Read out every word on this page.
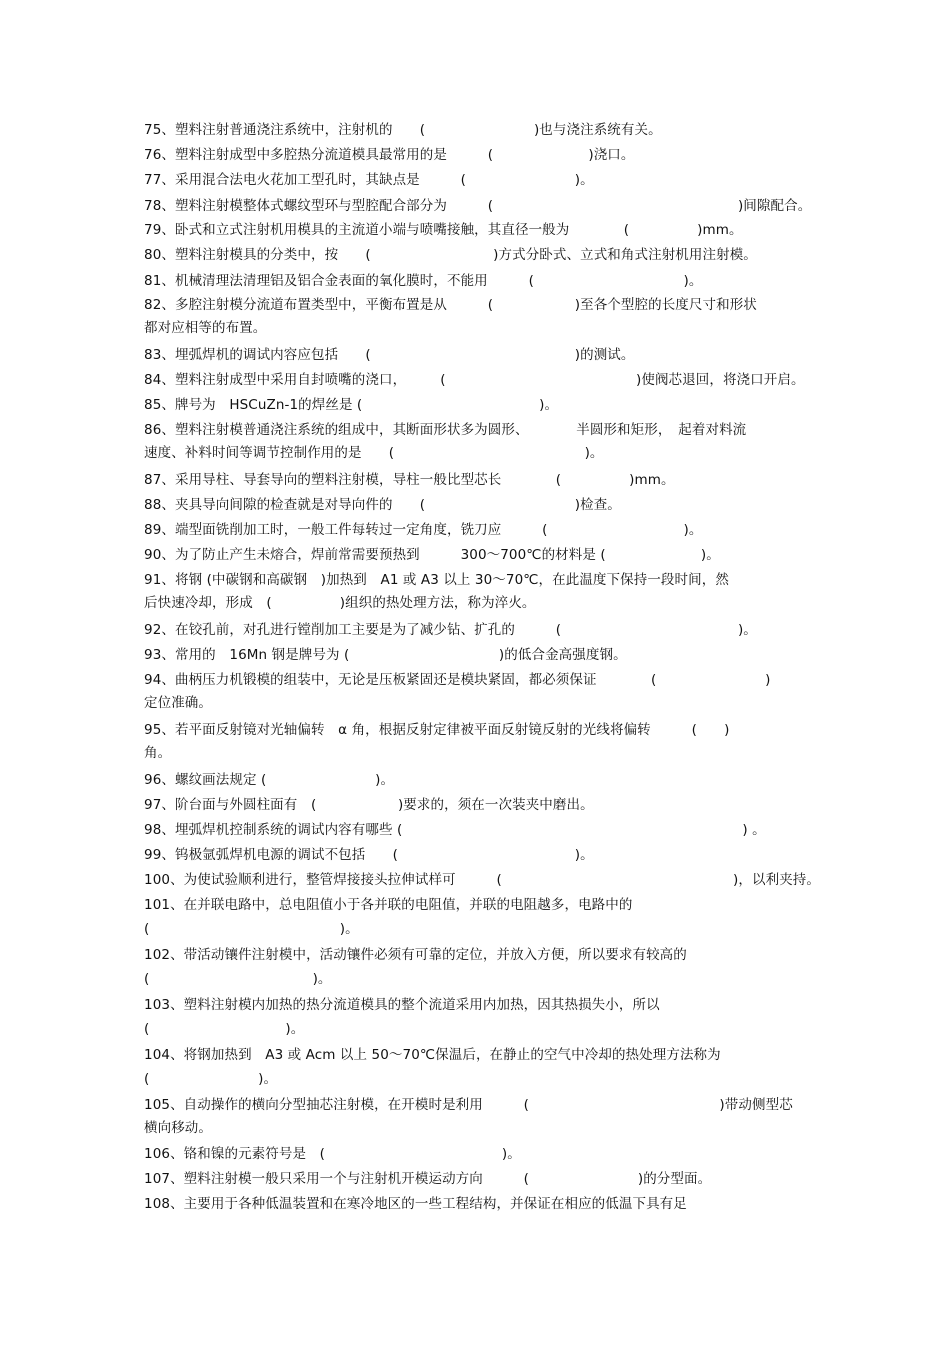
75、塑料注射普通浇注系统中，注射机的　　(　　　　　　　　)也与浇注系统有关。
76、塑料注射成型中多腔热分流道模具最常用的是　　　(　　　　　　　)浇口。
77、采用混合法电火花加工型孔时，其缺点是　　　(　　　　　　　　)。
78、塑料注射模整体式螺纹型环与型腔配合部分为　　　(　　　　　　　　　　　　　　　　　　)间隙配合。
79、卧式和立式注射机用模具的主流道小端与喷嘴接触，其直径一般为　　　　(　　　　　)mm。
80、塑料注射模具的分类中，按　　(　　　　　　　　　)方式分卧式、立式和角式注射机用注射模。
81、机械清理法清理铝及铝合金表面的氧化膜时，不能用　　　(　　　　　　　　　　　)。
82、多腔注射模分流道布置类型中，平衡布置是从　　　(　　　　　　)至各个型腔的长度尺寸和形状
都对应相等的布置。
83、埋弧焊机的调试内容应包括　　(　　　　　　　　　　　　　　　)的测试。
84、塑料注射成型中采用自封喷嘴的浇口，　　　(　　　　　　　　　　　　　　)使阀芯退回，将浇口开启。
85、牌号为　HSCuZn-1的焊丝是 (　　　　　　　　　　　　　)。
86、塑料注射模普通浇注系统的组成中，其断面形状多为圆形、　　　　半圆形和矩形，　起着对料流
速度、补料时间等调节控制作用的是　　(　　　　　　　　　　　　　　)。
87、采用导柱、导套导向的塑料注射模，导柱一般比型芯长　　　　(　　　　　)mm。
88、夹具导向间隙的检查就是对导向件的　　(　　　　　　　　　　　)检查。
89、端型面铣削加工时，一般工件每转过一定角度，铣刀应　　　(　　　　　　　　　　)。
90、为了防止产生未熔合，焊前常需要预热到　　　300～700℃的材料是 (　　　　　　　)。
91、将钢 (中碳钢和高碳钢　)加热到　A1 或 A3 以上 30～70℃，在此温度下保持一段时间，然
后快速冷却，形成　(　　　　　)组织的热处理方法，称为淬火。
92、在铰孔前，对孔进行镗削加工主要是为了减少钻、扩孔的　　　(　　　　　　　　　　　　　)。
93、常用的　16Mn 钢是牌号为 (　　　　　　　　　　　)的低合金高强度钢。
94、曲柄压力机锻模的组装中，无论是压板紧固还是模块紧固，都必须保证　　　　(　　　　　　　　)
定位准确。
95、若平面反射镜对光轴偏转　α 角，根据反射定律被平面反射镜反射的光线将偏转　　　(　　)
角。
96、螺纹画法规定 (　　　　　　　　)。
97、阶台面与外圆柱面有　(　　　　　　)要求的，须在一次装夹中磨出。
98、埋弧焊机控制系统的调试内容有哪些 (　　　　　　　　　　　　　　　　　　　　　　　　　) 。
99、钨极氩弧焊机电源的调试不包括　　(　　　　　　　　　　　　　)。
100、为使试验顺利进行，整管焊接接头拉伸试样可　　　(　　　　　　　　　　　　　　　　　)，以利夹持。
101、在并联电路中，总电阻值小于各并联的电阻值，并联的电阻越多，电路中的
(　　　　　　　　　　　　　　)。
102、带活动镶件注射模中，活动镶件必须有可靠的定位，并放入方便，所以要求有较高的
(　　　　　　　　　　　　)。
103、塑料注射模内加热的热分流道模具的整个流道采用内加热，因其热损失小，所以
(　　　　　　　　　　)。
104、将钢加热到　A3 或 Acm 以上 50～70℃保温后，在静止的空气中冷却的热处理方法称为
(　　　　　　　　)。
105、自动操作的横向分型抽芯注射模，在开模时是利用　　　(　　　　　　　　　　　　　　)带动侧型芯
横向移动。
106、铬和镍的元素符号是　(　　　　　　　　　　　　　)。
107、塑料注射模一般只采用一个与注射机开模运动方向　　　(　　　　　　　　)的分型面。
108、主要用于各种低温装置和在寒冷地区的一些工程结构，并保证在相应的低温下具有足
